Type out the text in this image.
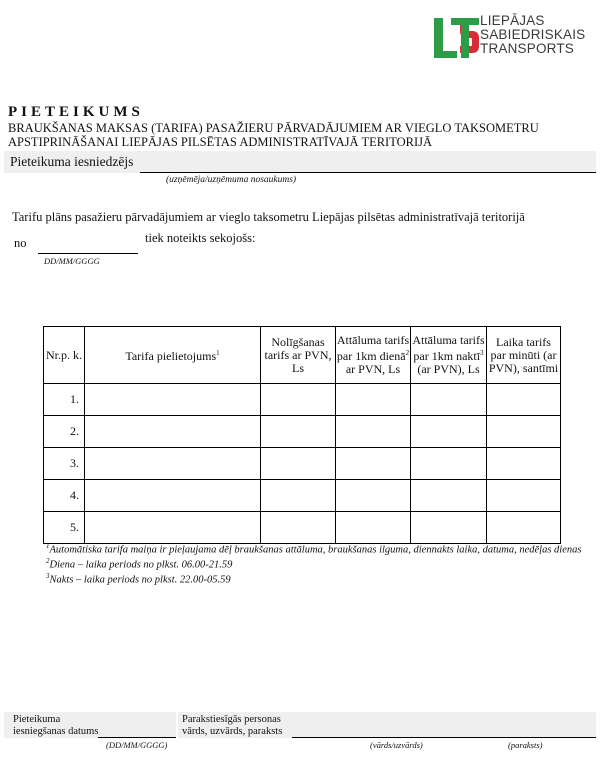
LIEPĀJAS
SABIEDRISKAIS
TRANSPORTS
PIETEIKUMS
BRAUKŠANAS MAKSAS (TARIFA) PASAŽIERU PĀRVADĀJUMIEM AR VIEGLO TAKSOMETRU APSTIPRINĀŠANAI LIEPĀJAS PILSĒTAS ADMINISTRATĪVAJĀ TERITORIJĀ
Pieteikuma iesniedzējs
(uzņēmēja/uzņēmuma nosaukums)
Tarifu plāns pasažieru pārvadājumiem ar vieglo taksometru Liepājas pilsētas administratīvajā teritorijā
no
DD/MM/GGGG
tiek noteikts sekojošs:
Nr.p. k.	Tarifa pielietojums$^1$	Nolīgšanas tarifs ar PVN, Ls	Attāluma tarifs par 1km dienā$^2$ ar PVN, Ls	Attāluma tarifs par 1km naktī$^3$ (ar PVN), Ls	Laika tarifs par minūti (ar PVN), santīmi
1.					
2.					
3.					
4.					
5.					
$^1$Automātiska tarifa maiņa ir pieļaujama dēļ braukšanas attāluma, braukšanas ilguma, diennakts laika, datuma, nedēļas dienas
$^2$Diena – laika periods no plkst. 06.00-21.59
$^3$Nakts – laika periods no plkst. 22.00-05.59
Pieteikuma
iesniegšanas datums
Parakstiesīgās personas
vārds, uzvārds, paraksts
(DD/MM/GGGG)	(vārds/uzvārds)	(paraksts)
